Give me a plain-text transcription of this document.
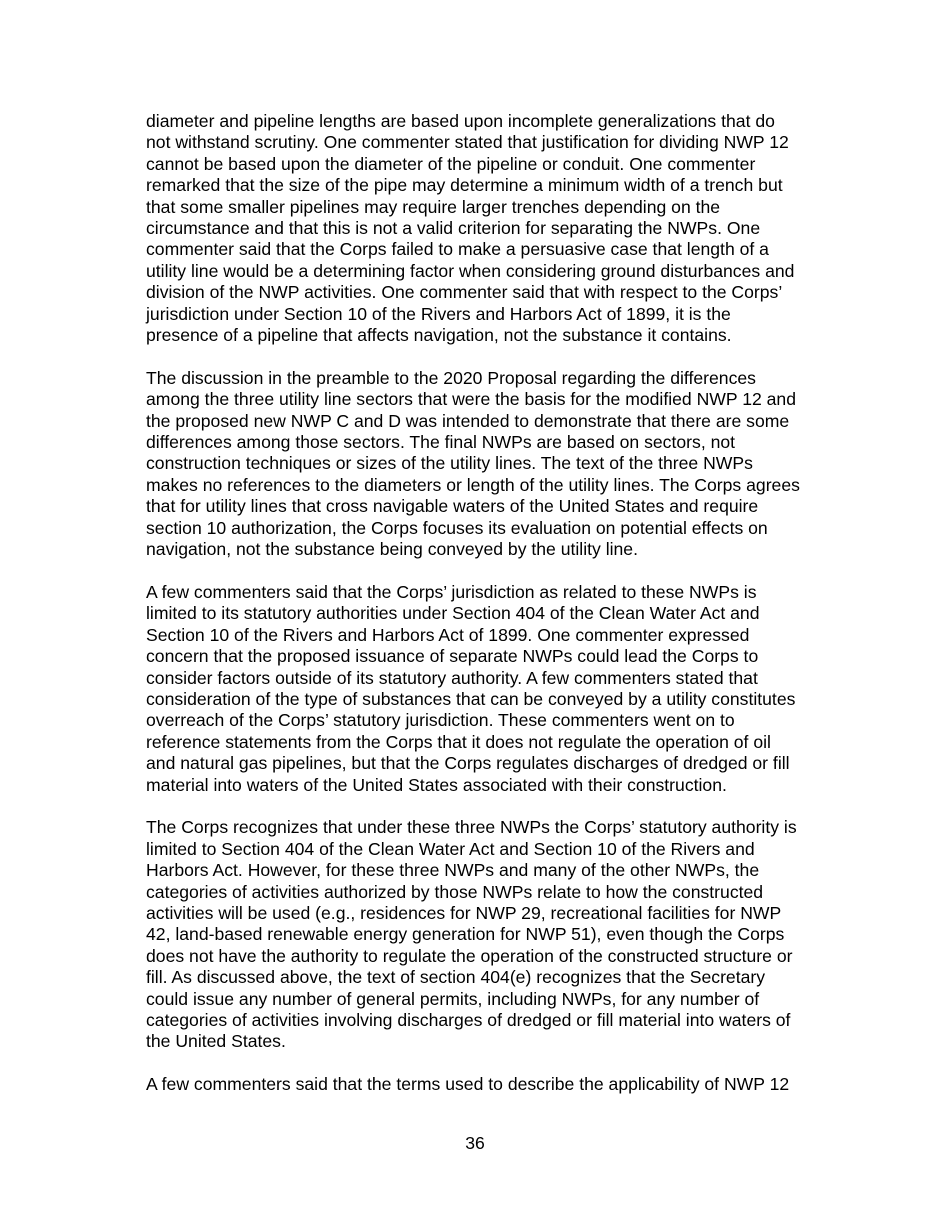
diameter and pipeline lengths are based upon incomplete generalizations that do
not withstand scrutiny. One commenter stated that justification for dividing NWP 12
cannot be based upon the diameter of the pipeline or conduit. One commenter
remarked that the size of the pipe may determine a minimum width of a trench but
that some smaller pipelines may require larger trenches depending on the
circumstance and that this is not a valid criterion for separating the NWPs. One
commenter said that the Corps failed to make a persuasive case that length of a
utility line would be a determining factor when considering ground disturbances and
division of the NWP activities. One commenter said that with respect to the Corps’
jurisdiction under Section 10 of the Rivers and Harbors Act of 1899, it is the
presence of a pipeline that affects navigation, not the substance it contains.
The discussion in the preamble to the 2020 Proposal regarding the differences
among the three utility line sectors that were the basis for the modified NWP 12 and
the proposed new NWP C and D was intended to demonstrate that there are some
differences among those sectors. The final NWPs are based on sectors, not
construction techniques or sizes of the utility lines. The text of the three NWPs
makes no references to the diameters or length of the utility lines. The Corps agrees
that for utility lines that cross navigable waters of the United States and require
section 10 authorization, the Corps focuses its evaluation on potential effects on
navigation, not the substance being conveyed by the utility line.
A few commenters said that the Corps’ jurisdiction as related to these NWPs is
limited to its statutory authorities under Section 404 of the Clean Water Act and
Section 10 of the Rivers and Harbors Act of 1899. One commenter expressed
concern that the proposed issuance of separate NWPs could lead the Corps to
consider factors outside of its statutory authority. A few commenters stated that
consideration of the type of substances that can be conveyed by a utility constitutes
overreach of the Corps’ statutory jurisdiction. These commenters went on to
reference statements from the Corps that it does not regulate the operation of oil
and natural gas pipelines, but that the Corps regulates discharges of dredged or fill
material into waters of the United States associated with their construction.
The Corps recognizes that under these three NWPs the Corps’ statutory authority is
limited to Section 404 of the Clean Water Act and Section 10 of the Rivers and
Harbors Act. However, for these three NWPs and many of the other NWPs, the
categories of activities authorized by those NWPs relate to how the constructed
activities will be used (e.g., residences for NWP 29, recreational facilities for NWP
42, land-based renewable energy generation for NWP 51), even though the Corps
does not have the authority to regulate the operation of the constructed structure or
fill. As discussed above, the text of section 404(e) recognizes that the Secretary
could issue any number of general permits, including NWPs, for any number of
categories of activities involving discharges of dredged or fill material into waters of
the United States.
A few commenters said that the terms used to describe the applicability of NWP 12
36
